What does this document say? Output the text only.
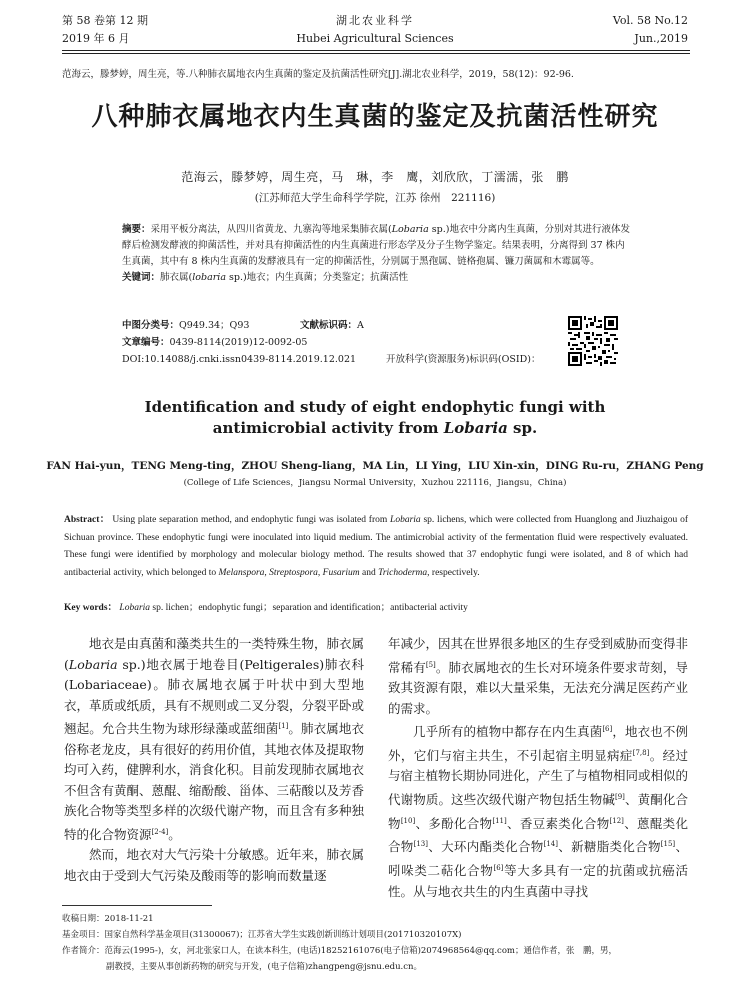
第 58 卷第 12 期
2019 年 6 月
湖北农业科学
Hubei Agricultural Sciences
Vol. 58 No.12
Jun.,2019
范海云，滕梦婷，周生亮，等.八种肺衣属地衣内生真菌的鉴定及抗菌活性研究[J].湖北农业科学，2019，58(12)：92-96.
八种肺衣属地衣内生真菌的鉴定及抗菌活性研究
范海云，滕梦婷，周生亮，马　琳，李　鹰，刘欣欣，丁濡濡，张　鹏
(江苏师范大学生命科学学院，江苏 徐州　221116)
摘要：采用平板分离法，从四川省黄龙、九寨沟等地采集肺衣属(Lobaria sp.)地衣中分离内生真菌，分别对其进行液体发酵后检测发酵液的抑菌活性，并对具有抑菌活性的内生真菌进行形态学及分子生物学鉴定。结果表明，分离得到 37 株内生真菌，其中有 8 株内生真菌的发酵液具有一定的抑菌活性，分别属于黑孢属、链格孢属、镰刀菌属和木霉属等。
关键词：肺衣属(lobaria sp.)地衣；内生真菌；分类鉴定；抗菌活性
中图分类号：Q949.34；Q93	文献标识码：A
文章编号：0439-8114(2019)12-0092-05
DOI:10.14088/j.cnki.issn0439-8114.2019.12.021	开放科学(资源服务)标识码(OSID)：
Identification and study of eight endophytic fungi with
antimicrobial activity from Lobaria sp.
FAN Hai-yun，TENG Meng-ting，ZHOU Sheng-liang，MA Lin，LI Ying，LIU Xin-xin，DING Ru-ru，ZHANG Peng
(College of Life Sciences，Jiangsu Normal University，Xuzhou 221116，Jiangsu，China)
Abstract： Using plate separation method, and endophytic fungi was isolated from Lobaria sp. lichens, which were collected from Huanglong and Jiuzhaigou of Sichuan province. These endophytic fungi were inoculated into liquid medium. The antimicrobial activity of the fermentation fluid were respectively evaluated. These fungi were identified by morphology and molecular biology method. The results showed that 37 endophytic fungi were isolated, and 8 of which had antibacterial activity, which belonged to Melanspora, Streptospora, Fusarium and Trichoderma, respectively.
Key words： Lobaria sp. lichen；endophytic fungi；separation and identification；antibacterial activity

地衣是由真菌和藻类共生的一类特殊生物，肺衣属(Lobaria sp.)地衣属于地卷目(Peltigerales)肺衣科(Lobariaceae)。肺衣属地衣属于叶状中到大型地衣，革质或纸质，具有不规则或二叉分裂，分裂平卧或翘起。允合共生物为球形绿藻或蓝细菌[1]。肺衣属地衣俗称老龙皮，具有很好的药用价值，其地衣体及提取物均可入药，健脾利水，消食化积。目前发现肺衣属地衣不但含有黄酮、蒽醌、缩酚酸、甾体、三萜酸以及芳香族化合物等类型多样的次级代谢产物，而且含有多种独特的化合物资源[2-4]。

然而，地衣对大气污染十分敏感。近年来，肺衣属地衣由于受到大气污染及酸雨等的影响而数量逐

年减少，因其在世界很多地区的生存受到威胁而变得非常稀有[5]。肺衣属地衣的生长对环境条件要求苛刻，导致其资源有限，难以大量采集，无法充分满足医药产业的需求。

几乎所有的植物中都存在内生真菌[6]，地衣也不例外，它们与宿主共生，不引起宿主明显病症[7,8]。经过与宿主植物长期协同进化，产生了与植物相同或相似的代谢物质。这些次级代谢产物包括生物碱[9]、黄酮化合物[10]、多酚化合物[11]、香豆素类化合物[12]、蒽醌类化合物[13]、大环内酯类化合物[14]、新糖脂类化合物[15]、吲哚类二萜化合物[6]等大多具有一定的抗菌或抗癌活性。从与地衣共生的内生真菌中寻找

收稿日期：2018-11-21
基金项目：国家自然科学基金项目(31300067)；江苏省大学生实践创新训练计划项目(201710320107X)
作者简介：范海云(1995-)，女，河北张家口人，在读本科生，(电话)18252161076(电子信箱)2074968564@qq.com；通信作者，张　鹏，男，
副教授，主要从事创新药物的研究与开发，(电子信箱)zhangpeng@jsnu.edu.cn。
